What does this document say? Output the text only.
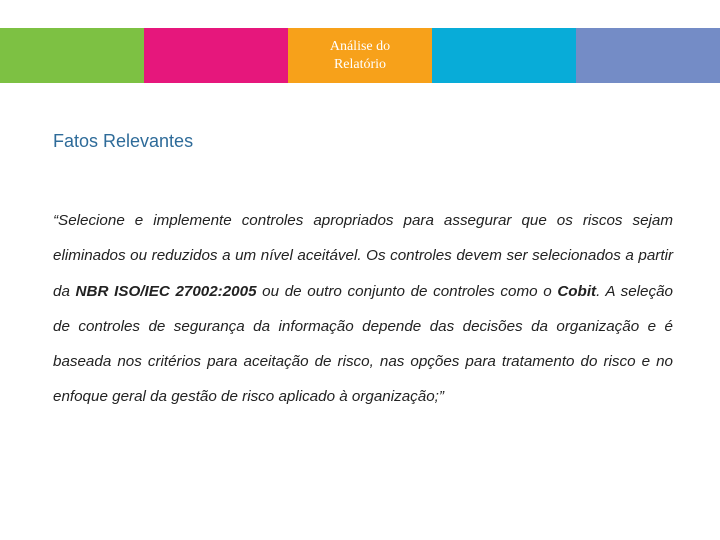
Análise do Relatório
Fatos Relevantes

“Selecione e implemente controles apropriados para assegurar que os riscos sejam eliminados ou reduzidos a um nível aceitável. Os controles devem ser selecionados a partir da NBR ISO/IEC 27002:2005 ou de outro conjunto de controles como o Cobit. A seleção de controles de segurança da informação depende das decisões da organização e é baseada nos critérios para aceitação de risco, nas opções para tratamento do risco e no enfoque geral da gestão de risco aplicado à organização;”
